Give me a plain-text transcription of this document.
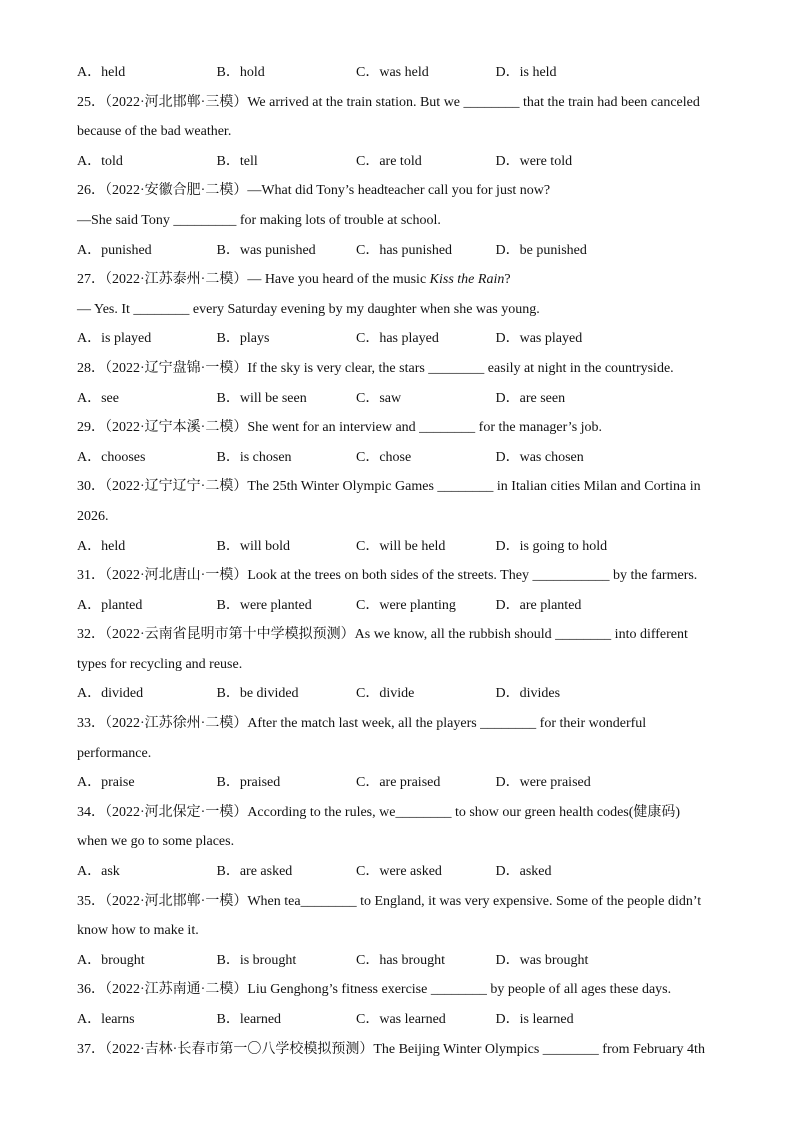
A．held	B．hold	C．was held	D．is held
25．（2022·河北邯郸·三模）We arrived at the train station. But we ________ that the train had been canceled
because of the bad weather.
A．told	B．tell	C．are told	D．were told
26．（2022·安徽合肥·二模）—What did Tony’s headteacher call you for just now?
—She said Tony _________ for making lots of trouble at school.
A．punished	B．was punished	C．has punished	D．be punished
27．（2022·江苏泰州·二模）— Have you heard of the music Kiss the Rain?
— Yes. It ________ every Saturday evening by my daughter when she was young.
A．is played	B．plays	C．has played	D．was played
28．（2022·辽宁盘锦·一模）If the sky is very clear, the stars ________ easily at night in the countryside.
A．see	B．will be seen	C．saw	D．are seen
29．（2022·辽宁本溪·二模）She went for an interview and ________ for the manager’s job.
A．chooses	B．is chosen	C．chose	D．was chosen
30．（2022·辽宁辽宁·二模）The 25th Winter Olympic Games ________ in Italian cities Milan and Cortina in
2026.
A．held	B．will bold	C．will be held	D．is going to hold
31．（2022·河北唐山·一模）Look at the trees on both sides of the streets. They ___________ by the farmers.
A．planted	B．were planted	C．were planting	D．are planted
32．（2022·云南省昆明市第十中学模拟预测）As we know, all the rubbish should ________ into different
types for recycling and reuse.
A．divided	B．be divided	C．divide	D．divides
33．（2022·江苏徐州·二模）After the match last week, all the players ________ for their wonderful
performance.
A．praise	B．praised	C．are praised	D．were praised
34．（2022·河北保定·一模）According to the rules, we________ to show our green health codes(健康码)
when we go to some places.
A．ask	B．are asked	C．were asked	D．asked
35．（2022·河北邯郸·一模）When tea________ to England, it was very expensive. Some of the people didn’t
know how to make it.
A．brought	B．is brought	C．has brought	D．was brought
36．（2022·江苏南通·二模）Liu Genghong’s fitness exercise ________ by people of all ages these days.
A．learns	B．learned	C．was learned	D．is learned
37．（2022·吉林·长春市第一〇八学校模拟预测）The Beijing Winter Olympics ________ from February 4th
